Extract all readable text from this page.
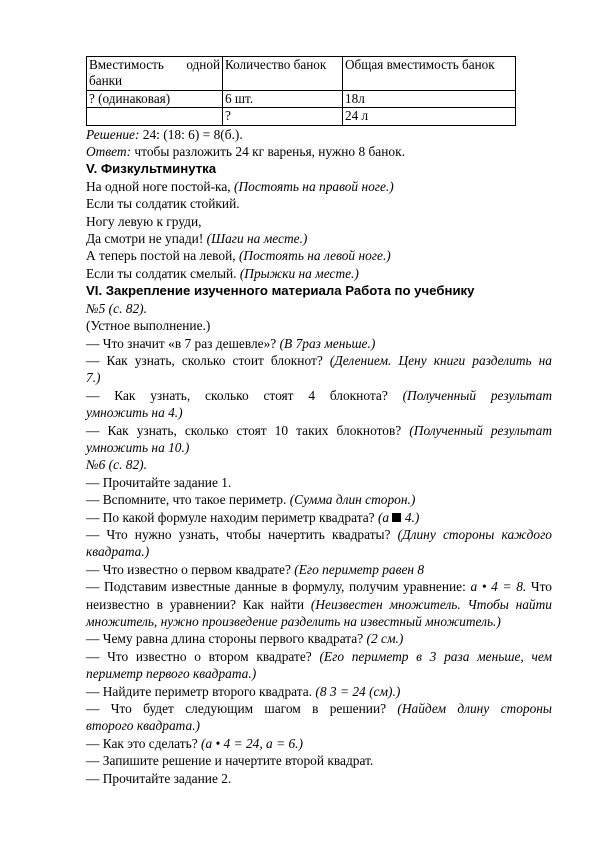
Вместимость одной
банки	Количество банок	Общая вместимость банок
? (одинаковая)	6 шт.	18л
	?	24 л
Решение: 24: (18: 6) = 8(б.).
Ответ: чтобы разложить 24 кг варенья, нужно 8 банок.
V. Физкультминутка
На одной ноге постой-ка, (Постоять на правой ноге.)
Если ты солдатик стойкий.
Ногу левую к груди,
Да смотри не упади! (Шаги на месте.)
А теперь постой на левой, (Постоять на левой ноге.)
Если ты солдатик смелый. (Прыжки на месте.)
VI. Закрепление изученного материала Работа по учебнику
№5 (с. 82).
(Устное выполнение.)
— Что значит «в 7 раз дешевле»? (В 7раз меньше.)
— Как узнать, сколько стоит блокнот? (Делением. Цену книги разделить на
7.)
— Как узнать, сколько стоят 4 блокнота? (Полученный результат
умножить на 4.)
— Как узнать, сколько стоят 10 таких блокнотов? (Полученный результат
умножить на 10.)
№6 (с. 82).
— Прочитайте задание 1.
— Вспомните, что такое периметр. (Сумма длин сторон.)
— По какой формуле находим периметр квадрата? (а  4.)
— Что нужно узнать, чтобы начертить квадраты? (Длину стороны каждого
квадрата.)
— Что известно о первом квадрате? (Его периметр равен 8
— Подставим известные данные в формулу, получим уравнение: а • 4 = 8. Что
неизвестно в уравнении? Как найти (Неизвестен множитель. Чтобы найти
множитель, нужно произведение разделить на известный множитель.)
— Чему равна длина стороны первого квадрата? (2 см.)
— Что известно о втором квадрате? (Его периметр в 3 раза меньше, чем
периметр первого квадрата.)
— Найдите периметр второго квадрата. (8 3 = 24 (см).)
— Что будет следующим шагом в решении? (Найдем длину стороны
второго квадрата.)
— Как это сделать? (а • 4 = 24, а = 6.)
— Запишите решение и начертите второй квадрат.
— Прочитайте задание 2.
